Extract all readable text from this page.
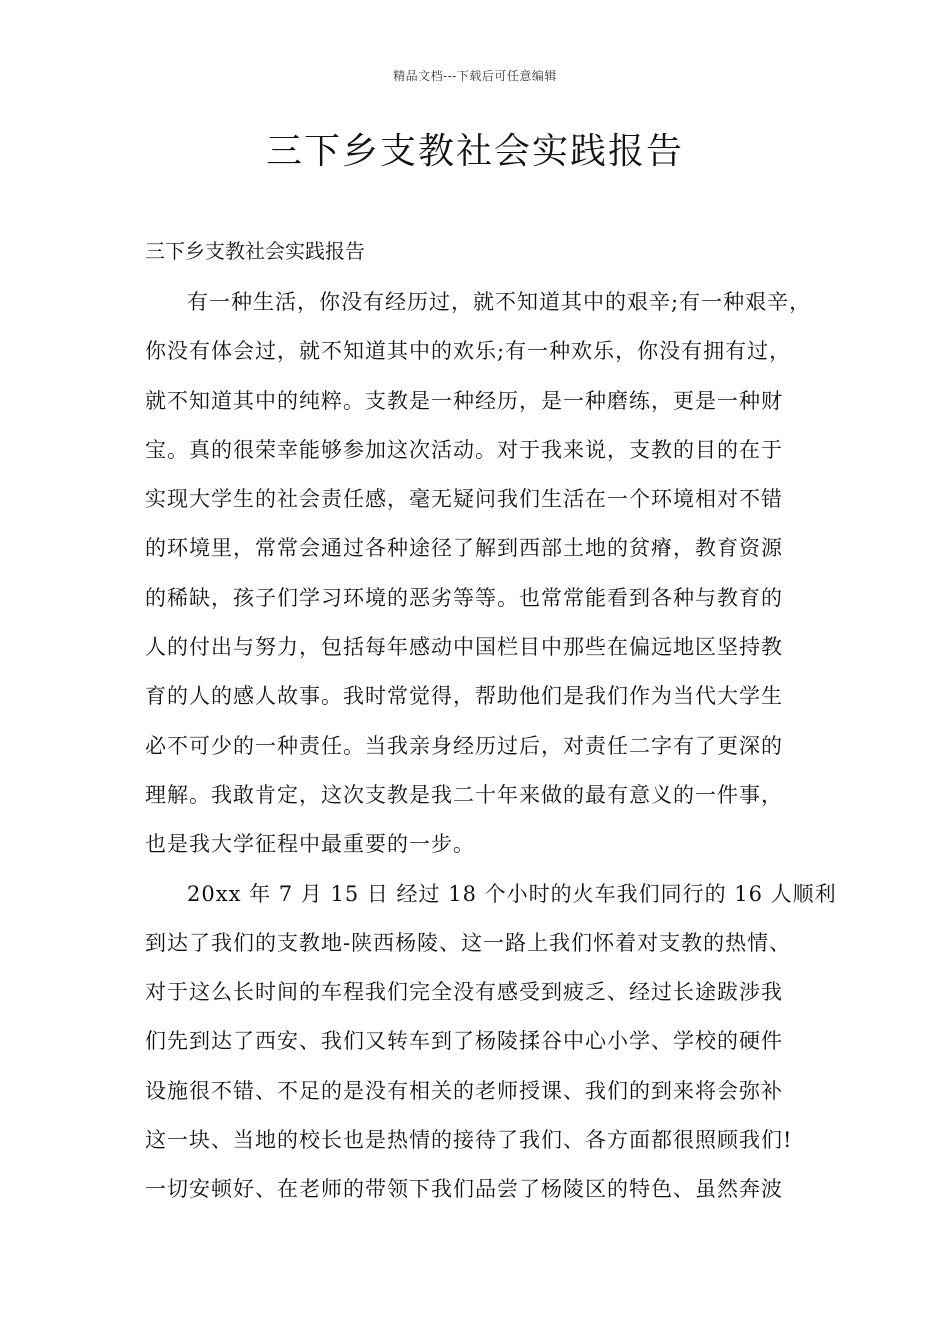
精品文档---下载后可任意编辑
三下乡支教社会实践报告
三下乡支教社会实践报告
有一种生活，你没有经历过，就不知道其中的艰辛;有一种艰辛，
你没有体会过，就不知道其中的欢乐;有一种欢乐，你没有拥有过，
就不知道其中的纯粹。支教是一种经历，是一种磨练，更是一种财
宝。真的很荣幸能够参加这次活动。对于我来说，支教的目的在于
实现大学生的社会责任感，毫无疑问我们生活在一个环境相对不错
的环境里，常常会通过各种途径了解到西部土地的贫瘠，教育资源
的稀缺，孩子们学习环境的恶劣等等。也常常能看到各种与教育的
人的付出与努力，包括每年感动中国栏目中那些在偏远地区坚持教
育的人的感人故事。我时常觉得，帮助他们是我们作为当代大学生
必不可少的一种责任。当我亲身经历过后，对责任二字有了更深的
理解。我敢肯定，这次支教是我二十年来做的最有意义的一件事，
也是我大学征程中最重要的一步。
20xx 年 7 月 15 日 经过 18 个小时的火车我们同行的 16 人顺利
到达了我们的支教地-陕西杨陵、这一路上我们怀着对支教的热情、
对于这么长时间的车程我们完全没有感受到疲乏、经过长途跋涉我
们先到达了西安、我们又转车到了杨陵揉谷中心小学、学校的硬件
设施很不错、不足的是没有相关的老师授课、我们的到来将会弥补
这一块、当地的校长也是热情的接待了我们、各方面都很照顾我们!
一切安顿好、在老师的带领下我们品尝了杨陵区的特色、虽然奔波
